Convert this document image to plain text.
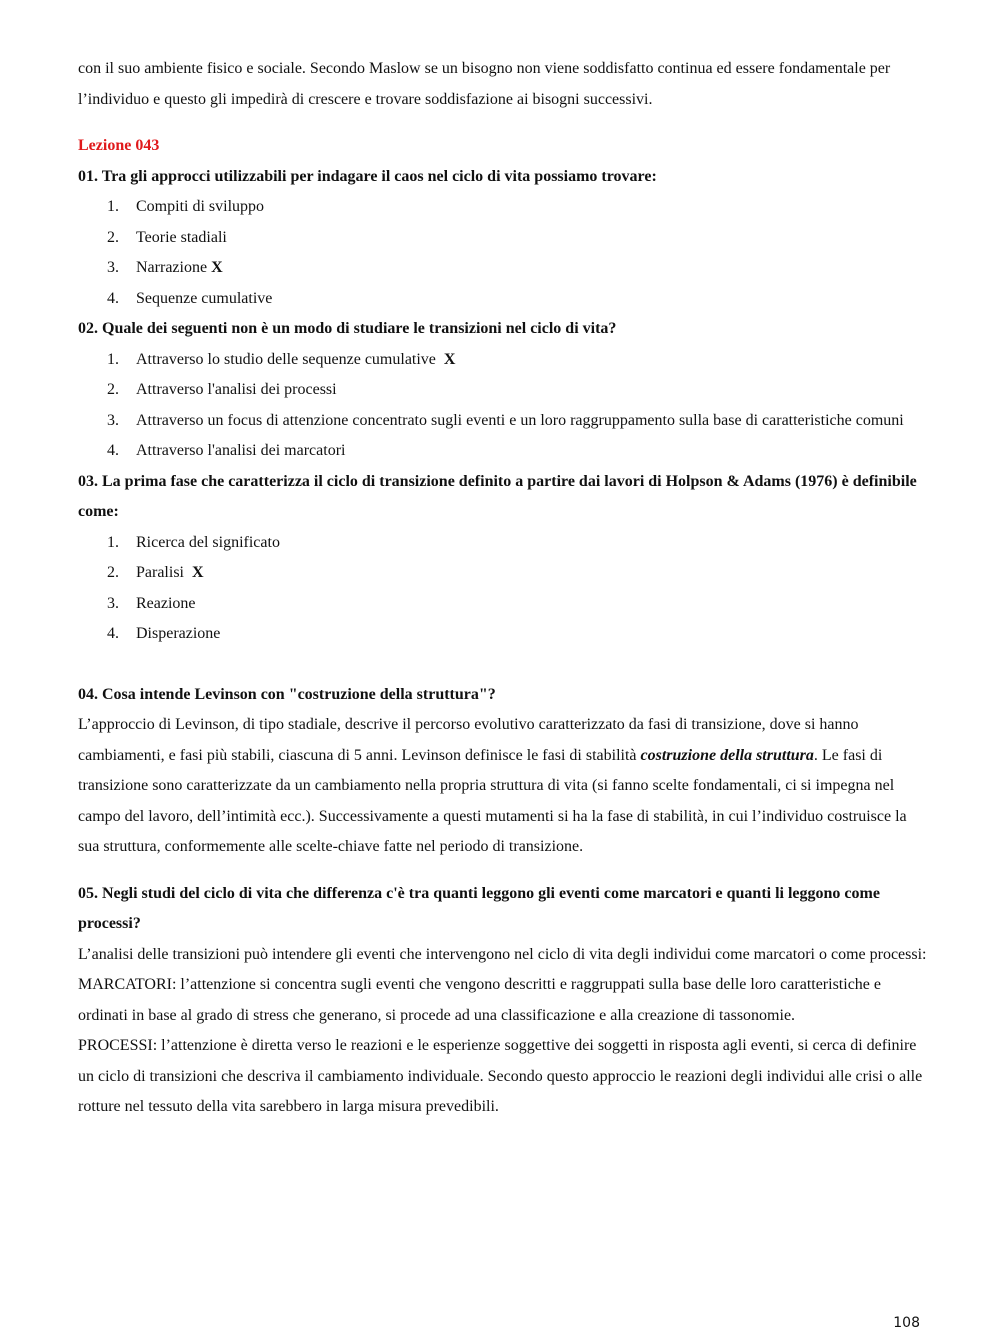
con il suo ambiente fisico e sociale. Secondo Maslow se un bisogno non viene soddisfatto continua ed essere fondamentale per l’individuo e questo gli impedirà di crescere e trovare soddisfazione ai bisogni successivi.

Lezione 043

01. Tra gli approcci utilizzabili per indagare il caos nel ciclo di vita possiamo trovare:

1. Compiti di sviluppo
2. Teorie stadiali
3. Narrazione X
4. Sequenze cumulative

02. Quale dei seguenti non è un modo di studiare le transizioni nel ciclo di vita?

1. Attraverso lo studio delle sequenze cumulative X
2. Attraverso l'analisi dei processi
3. Attraverso un focus di attenzione concentrato sugli eventi e un loro raggruppamento sulla base di caratteristiche comuni
4. Attraverso l'analisi dei marcatori

03. La prima fase che caratterizza il ciclo di transizione definito a partire dai lavori di Holpson & Adams (1976) è definibile come:

1. Ricerca del significato
2. Paralisi X
3. Reazione
4. Disperazione

04. Cosa intende Levinson con "costruzione della struttura"?

L’approccio di Levinson, di tipo stadiale, descrive il percorso evolutivo caratterizzato da fasi di transizione, dove si hanno cambiamenti, e fasi più stabili, ciascuna di 5 anni. Levinson definisce le fasi di stabilità costruzione della struttura. Le fasi di transizione sono caratterizzate da un cambiamento nella propria struttura di vita (si fanno scelte fondamentali, ci si impegna nel campo del lavoro, dell’intimità ecc.). Successivamente a questi mutamenti si ha la fase di stabilità, in cui l’individuo costruisce la sua struttura, conformemente alle scelte-chiave fatte nel periodo di transizione.

05. Negli studi del ciclo di vita che differenza c'è tra quanti leggono gli eventi come marcatori e quanti li leggono come processi?

L’analisi delle transizioni può intendere gli eventi che intervengono nel ciclo di vita degli individui come marcatori o come processi:

MARCATORI: l’attenzione si concentra sugli eventi che vengono descritti e raggruppati sulla base delle loro caratteristiche e ordinati in base al grado di stress che generano, si procede ad una classificazione e alla creazione di tassonomie.

PROCESSI: l’attenzione è diretta verso le reazioni e le esperienze soggettive dei soggetti in risposta agli eventi, si cerca di definire un ciclo di transizioni che descriva il cambiamento individuale. Secondo questo approccio le reazioni degli individui alle crisi o alle rotture nel tessuto della vita sarebbero in larga misura prevedibili.

108
